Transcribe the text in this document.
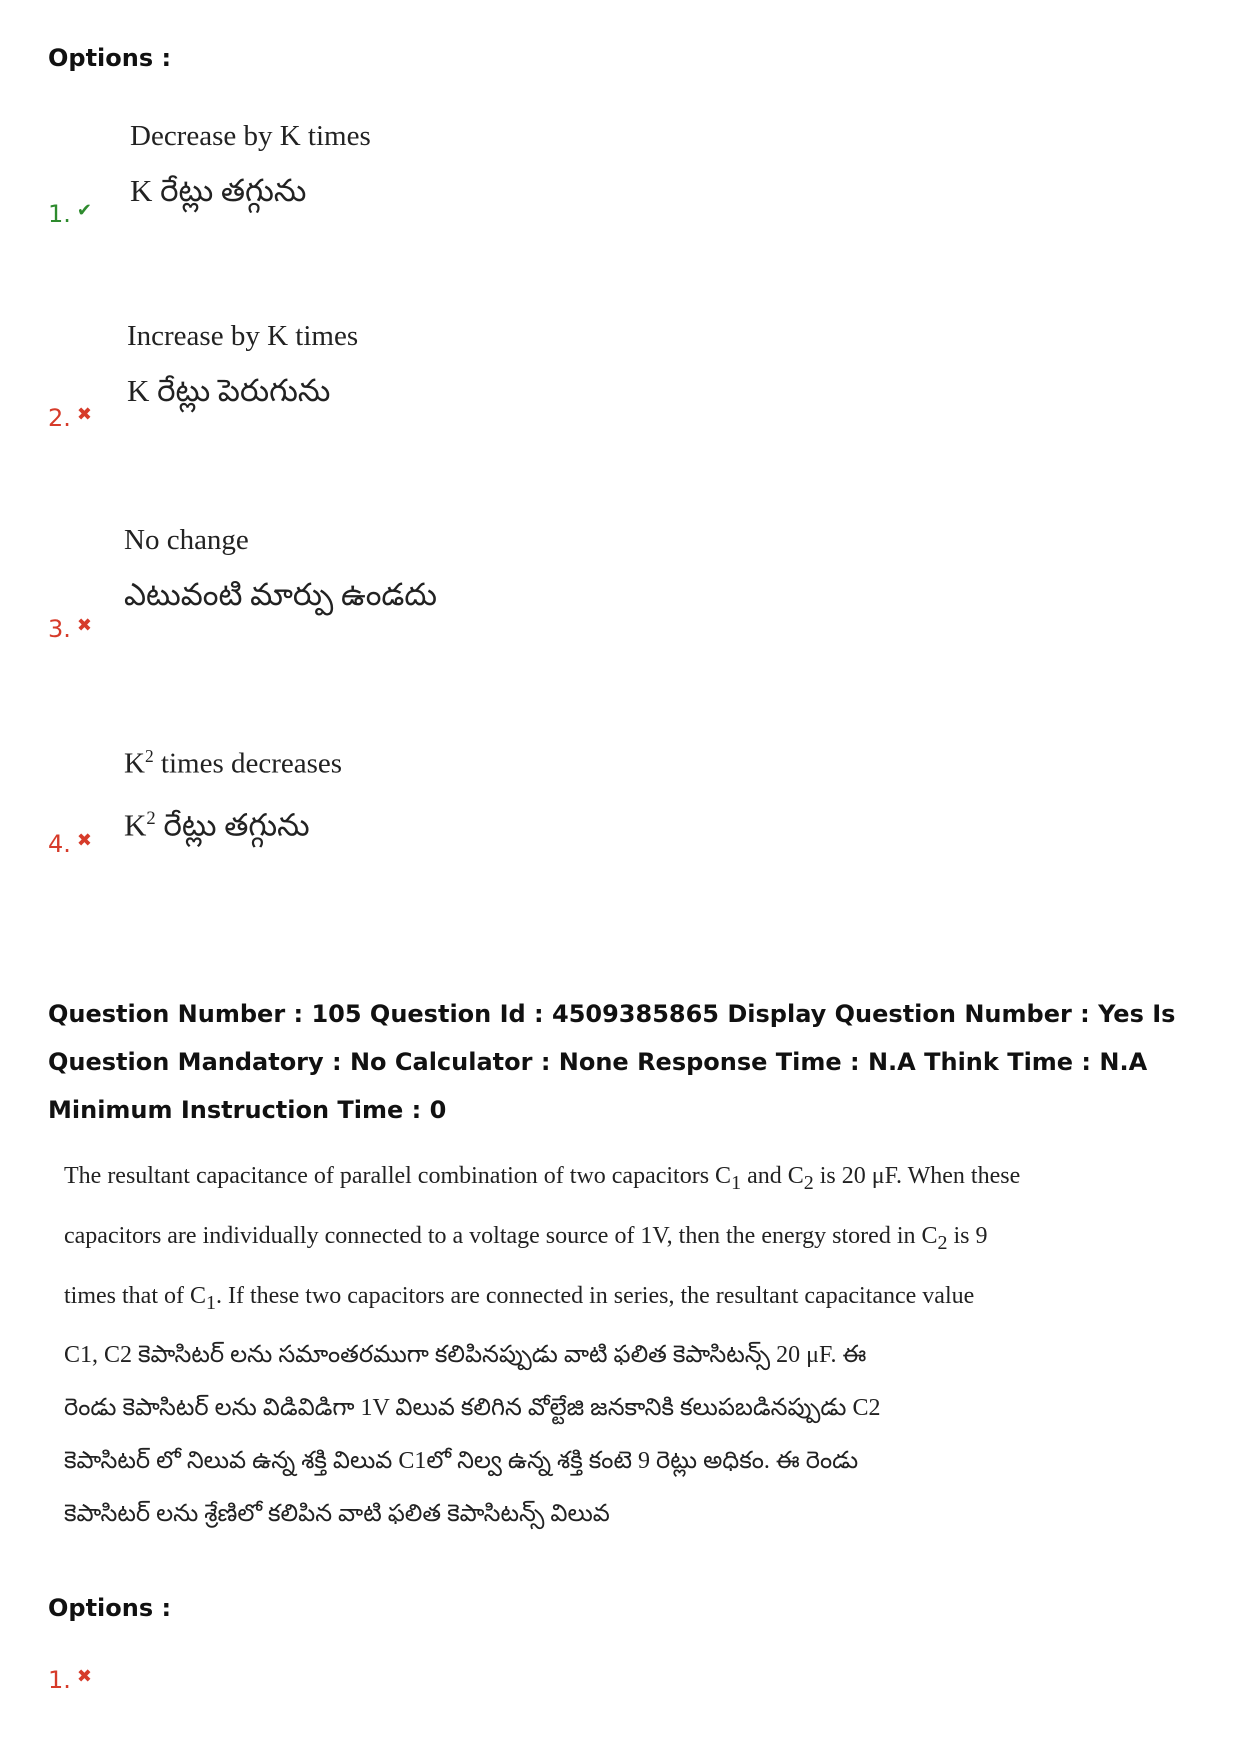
Options :
Decrease by K times
K రేట్లు తగ్గును
1. ✔
Increase by K times
K రేట్లు పెరుగును
2. ✖
No change
ఎటువంటి మార్పు ఉండదు
3. ✖
$K^2$ times decreases
$K^2$ రేట్లు తగ్గును
4. ✖
Question Number : 105 Question Id : 4509385865 Display Question Number : Yes Is Question Mandatory : No Calculator : None Response Time : N.A Think Time : N.A Minimum Instruction Time : 0

The resultant capacitance of parallel combination of two capacitors $C_1$ and $C_2$ is 20 μF. When these

capacitors are individually connected to a voltage source of 1V, then the energy stored in $C_2$ is 9

times that of $C_1$. If these two capacitors are connected in series, the resultant capacitance value

C1, C2 కెపాసిటర్ లను సమాంతరముగా కలిపినప్పుడు వాటి ఫలిత కెపాసిటన్స్ 20 μF. ఈ

రెండు కెపాసిటర్ లను విడివిడిగా 1V విలువ కలిగిన వోల్టేజి జనకానికి కలుపబడినప్పుడు C2

కెపాసిటర్ లో నిలువ ఉన్న శక్తి విలువ C1లో నిల్వ ఉన్న శక్తి కంటె 9 రెట్లు అధికం. ఈ రెండు

కెపాసిటర్ లను శ్రేణిలో కలిపిన వాటి ఫలిత కెపాసిటన్స్ విలువ

Options :
1. ✖
